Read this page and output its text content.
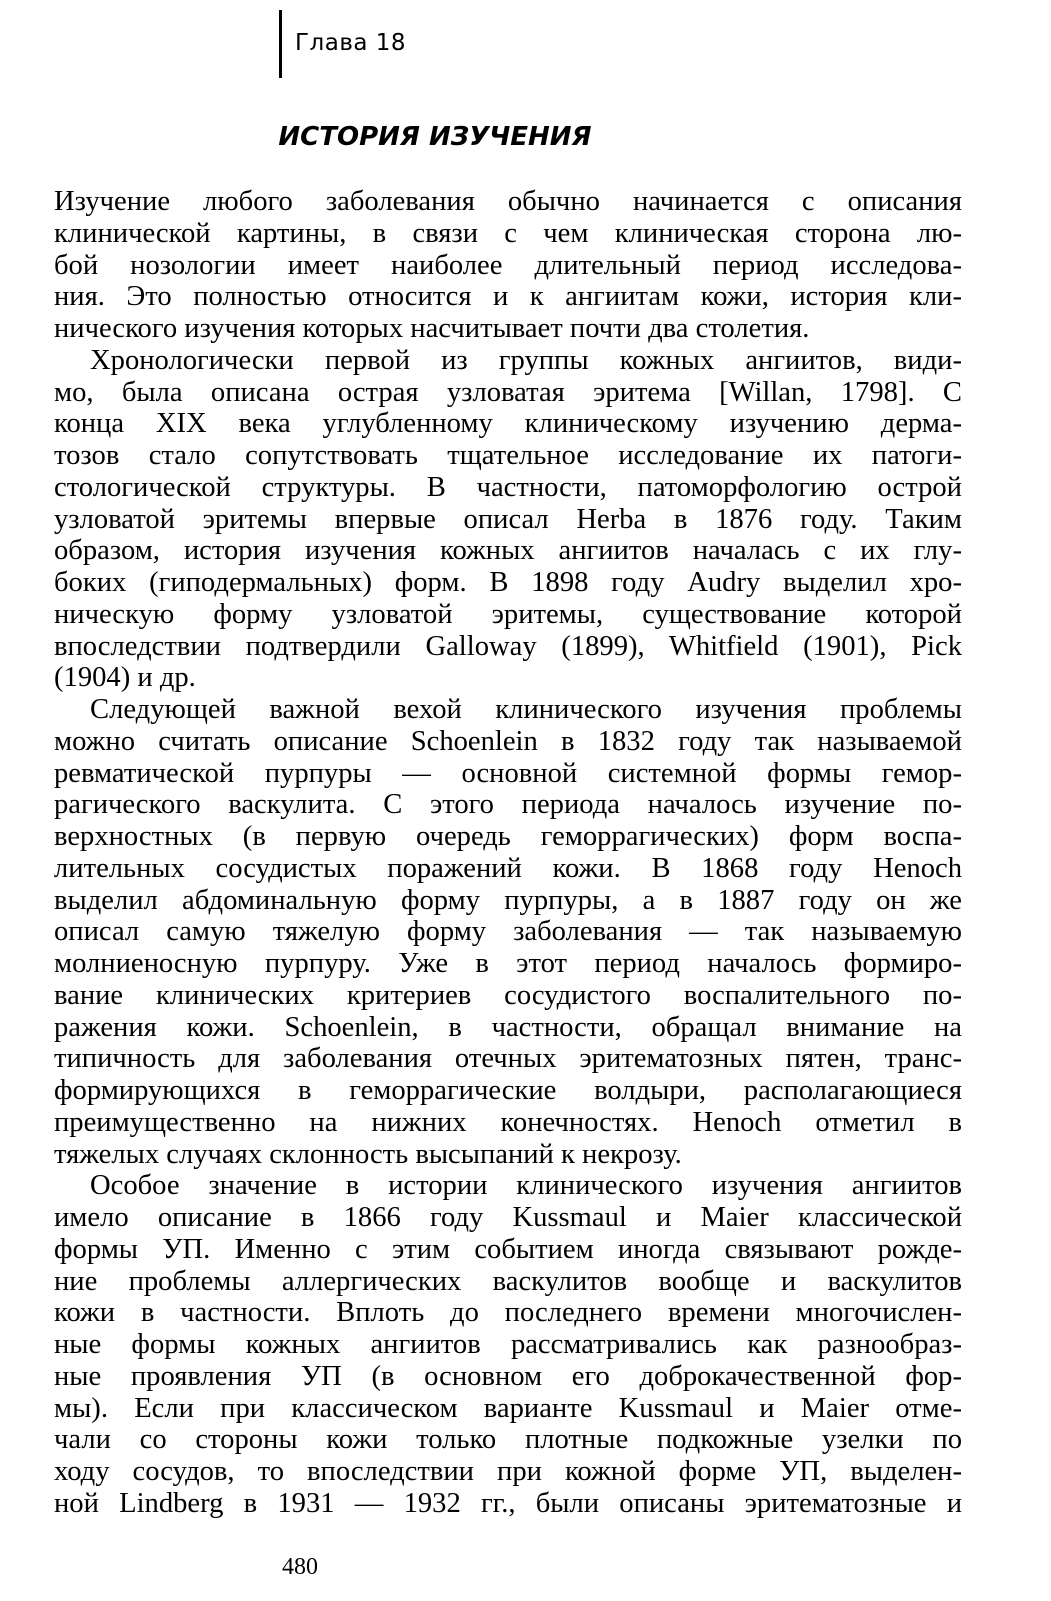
Глава 18
ИСТОРИЯ ИЗУЧЕНИЯ
Изучение любого заболевания обычно начинается с описания
клинической картины, в связи с чем клиническая сторона лю-
бой нозологии имеет наиболее длительный период исследова-
ния. Это полностью относится и к ангиитам кожи, история кли-
нического изучения которых насчитывает почти два столетия.
Хронологически первой из группы кожных ангиитов, види-
мо, была описана острая узловатая эритема [Willan, 1798]. С
конца XIX века углубленному клиническому изучению дерма-
тозов стало сопутствовать тщательное исследование их патоги-
стологической структуры. В частности, патоморфологию острой
узловатой эритемы впервые описал Herba в 1876 году. Таким
образом, история изучения кожных ангиитов началась с их глу-
боких (гиподермальных) форм. В 1898 году Audry выделил хро-
ническую форму узловатой эритемы, существование которой
впоследствии подтвердили Galloway (1899), Whitfield (1901), Pick
(1904) и др.
Следующей важной вехой клинического изучения проблемы
можно считать описание Schoenlein в 1832 году так называемой
ревматической пурпуры — основной системной формы гемор-
рагического васкулита. С этого периода началось изучение по-
верхностных (в первую очередь геморрагических) форм воспа-
лительных сосудистых поражений кожи. В 1868 году Henoch
выделил абдоминальную форму пурпуры, а в 1887 году он же
описал самую тяжелую форму заболевания — так называемую
молниеносную пурпуру. Уже в этот период началось формиро-
вание клинических критериев сосудистого воспалительного по-
ражения кожи. Schoenlein, в частности, обращал внимание на
типичность для заболевания отечных эритематозных пятен, транс-
формирующихся в геморрагические волдыри, располагающиеся
преимущественно на нижних конечностях. Henoch отметил в
тяжелых случаях склонность высыпаний к некрозу.
Особое значение в истории клинического изучения ангиитов
имело описание в 1866 году Kussmaul и Maier классической
формы УП. Именно с этим событием иногда связывают рожде-
ние проблемы аллергических васкулитов вообще и васкулитов
кожи в частности. Вплоть до последнего времени многочислен-
ные формы кожных ангиитов рассматривались как разнообраз-
ные проявления УП (в основном его доброкачественной фор-
мы). Если при классическом варианте Kussmaul и Maier отме-
чали со стороны кожи только плотные подкожные узелки по
ходу сосудов, то впоследствии при кожной форме УП, выделен-
ной Lindberg в 1931 — 1932 гг., были описаны эритематозные и
480
